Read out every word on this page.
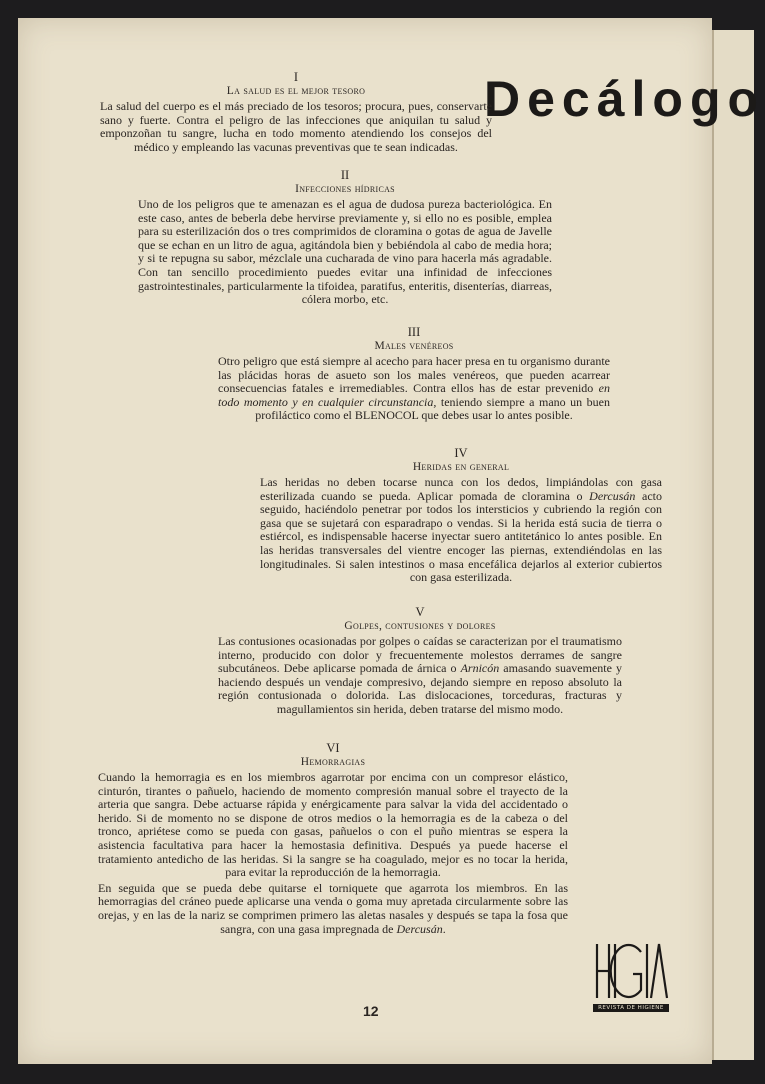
Decálogo
I
La salud es el mejor tesoro
La salud del cuerpo es el más preciado de los tesoros; procura, pues, conservarte sano y fuerte. Contra el peligro de las infecciones que aniquilan tu salud y emponzoñan tu sangre, lucha en todo momento atendiendo los consejos del médico y empleando las vacunas preventivas que te sean indicadas.
II
Infecciones hídricas
Uno de los peligros que te amenazan es el agua de dudosa pureza bacteriológica. En este caso, antes de beberla debe hervirse previamente y, si ello no es posible, emplea para su esterilización dos o tres comprimidos de cloramina o gotas de agua de Javelle que se echan en un litro de agua, agitándola bien y bebiéndola al cabo de media hora; y si te repugna su sabor, mézclale una cucharada de vino para hacerla más agradable. Con tan sencillo procedimiento puedes evitar una infinidad de infecciones gastrointestinales, particularmente la tifoidea, paratifus, enteritis, disenterías, diarreas, cólera morbo, etc.
III
Males venéreos
Otro peligro que está siempre al acecho para hacer presa en tu organismo durante las plácidas horas de asueto son los males venéreos, que pueden acarrear consecuencias fatales e irremediables. Contra ellos has de estar prevenido en todo momento y en cualquier circunstancia, teniendo siempre a mano un buen profiláctico como el BLENOCOL que debes usar lo antes posible.
IV
Heridas en general
Las heridas no deben tocarse nunca con los dedos, limpiándolas con gasa esterilizada cuando se pueda. Aplicar pomada de cloramina o Dercusán acto seguido, haciéndolo penetrar por todos los intersticios y cubriendo la región con gasa que se sujetará con esparadrapo o vendas. Si la herida está sucia de tierra o estiércol, es indispensable hacerse inyectar suero antitetánico lo antes posible. En las heridas transversales del vientre encoger las piernas, extendiéndolas en las longitudinales. Si salen intestinos o masa encefálica dejarlos al exterior cubiertos con gasa esterilizada.
V
Golpes, contusiones y dolores
Las contusiones ocasionadas por golpes o caídas se caracterizan por el traumatismo interno, producido con dolor y frecuentemente molestos derrames de sangre subcutáneos. Debe aplicarse pomada de árnica o Arnicón amasando suavemente y haciendo después un vendaje compresivo, dejando siempre en reposo absoluto la región contusionada o dolorida. Las dislocaciones, torceduras, fracturas y magullamientos sin herida, deben tratarse del mismo modo.
VI
Hemorragias
Cuando la hemorragia es en los miembros agarrotar por encima con un compresor elástico, cinturón, tirantes o pañuelo, haciendo de momento compresión manual sobre el trayecto de la arteria que sangra. Debe actuarse rápida y enérgicamente para salvar la vida del accidentado o herido. Si de momento no se dispone de otros medios o la hemorragia es de la cabeza o del tronco, apriétese como se pueda con gasas, pañuelos o con el puño mientras se espera la asistencia facultativa para hacer la hemostasia definitiva. Después ya puede hacerse el tratamiento antedicho de las heridas. Si la sangre se ha coagulado, mejor es no tocar la herida, para evitar la reproducción de la hemorragia.
En seguida que se pueda debe quitarse el torniquete que agarrota los miembros. En las hemorragias del cráneo puede aplicarse una venda o goma muy apretada circularmente sobre las orejas, y en las de la nariz se comprimen primero las aletas nasales y después se tapa la fosa que sangra, con una gasa impregnada de Dercusán.
12	REVISTA DE HIGIENE
